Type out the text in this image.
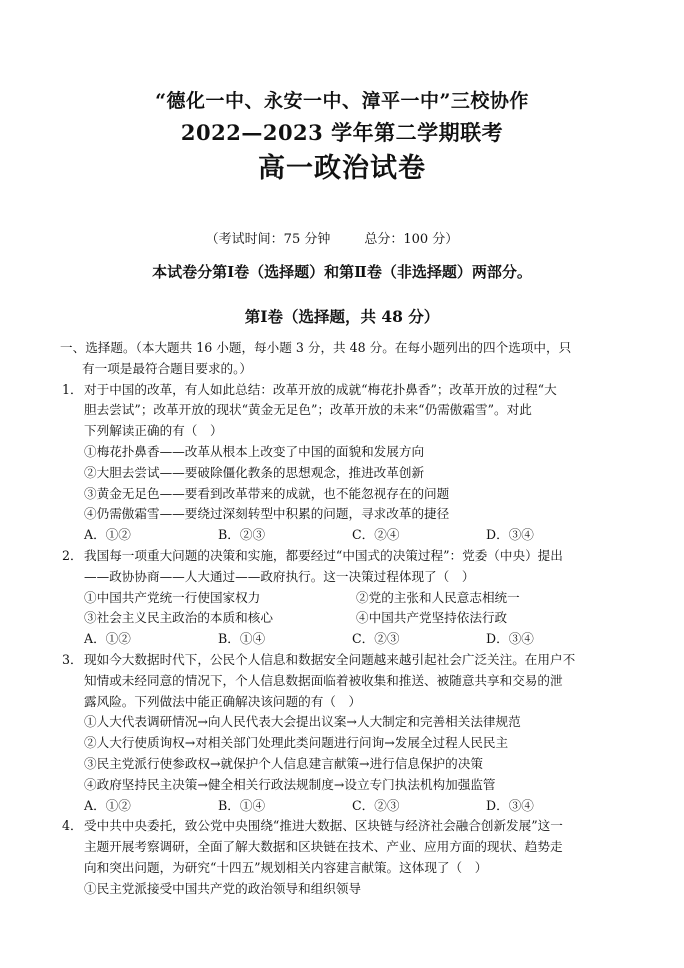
“德化一中、永安一中、漳平一中”三校协作
2022—2023 学年第二学期联考
高一政治试卷
（考试时间：75 分钟	总分：100 分）
本试卷分第Ⅰ卷（选择题）和第Ⅱ卷（非选择题）两部分。
第Ⅰ卷（选择题，共 48 分）
一、选择题。（本大题共 16 小题，每小题 3 分，共 48 分。在每小题列出的四个选项中，只
有一项是最符合题目要求的。）
1． 对于中国的改革，有人如此总结：改革开放的成就“梅花扑鼻香”；改革开放的过程“大
胆去尝试”；改革开放的现状“黄金无足色”；改革开放的未来“仍需傲霜雪”。对此
下列解读正确的有（　）
①梅花扑鼻香——改革从根本上改变了中国的面貌和发展方向
②大胆去尝试——要破除僵化教条的思想观念，推进改革创新
③黄金无足色——要看到改革带来的成就，也不能忽视存在的问题
④仍需傲霜雪——要绕过深刻转型中积累的问题，寻求改革的捷径
A．①②	B．②③	C．②④	D．③④
2． 我国每一项重大问题的决策和实施，都要经过“中国式的决策过程”：党委（中央）提出
——政协协商——人大通过——政府执行。这一决策过程体现了（　）
①中国共产党统一行使国家权力	②党的主张和人民意志相统一
③社会主义民主政治的本质和核心	④中国共产党坚持依法行政
A．①②	B．①④	C．②③	D．③④
3． 现如今大数据时代下，公民个人信息和数据安全问题越来越引起社会广泛关注。在用户不
知情或未经同意的情况下，个人信息数据面临着被收集和推送、被随意共享和交易的泄
露风险。下列做法中能正确解决该问题的有（　）
①人大代表调研情况→向人民代表大会提出议案→人大制定和完善相关法律规范
②人大行使质询权→对相关部门处理此类问题进行问询→发展全过程人民民主
③民主党派行使参政权→就保护个人信息建言献策→进行信息保护的决策
④政府坚持民主决策→健全相关行政法规制度→设立专门执法机构加强监管
A．①②	B．①④	C．②③	D．③④
4． 受中共中央委托，致公党中央围绕“推进大数据、区块链与经济社会融合创新发展”这一
主题开展考察调研，全面了解大数据和区块链在技术、产业、应用方面的现状、趋势走
向和突出问题，为研究“十四五”规划相关内容建言献策。这体现了（　）
①民主党派接受中国共产党的政治领导和组织领导
